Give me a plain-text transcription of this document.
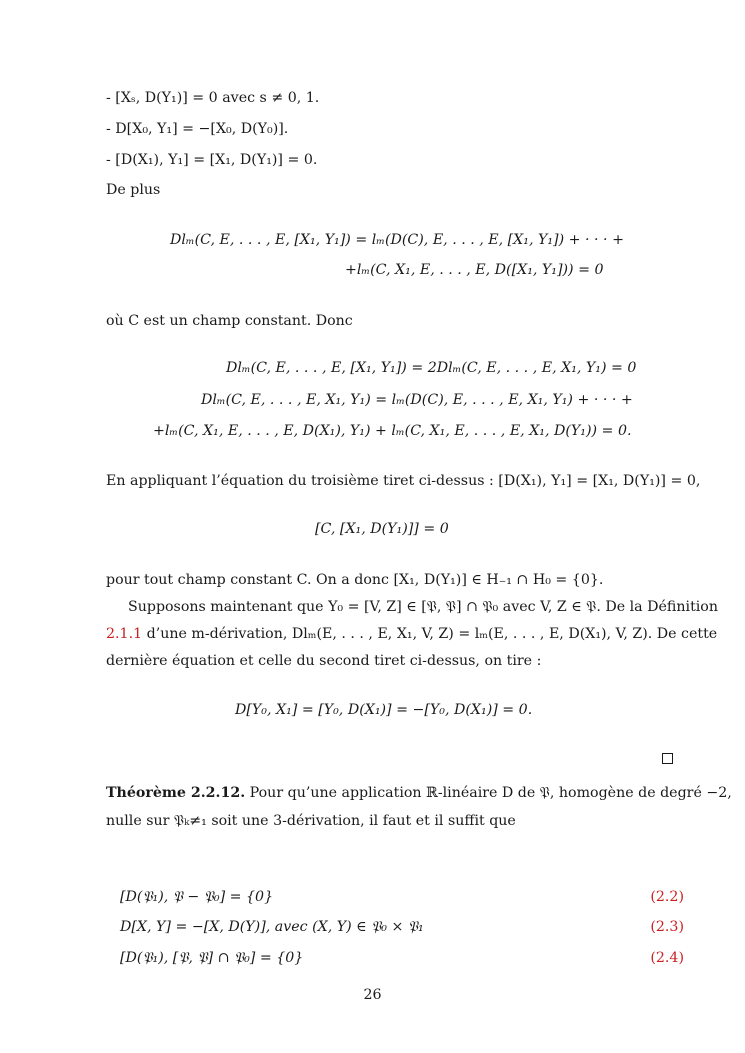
- [Xₛ, D(Y₁)] = 0 avec s ≠ 0, 1.
- D[X₀, Y₁] = −[X₀, D(Y₀)].
- [D(X₁), Y₁] = [X₁, D(Y₁)] = 0.
De plus
Dlₘ(C, E, . . . , E, [X₁, Y₁]) = lₘ(D(C), E, . . . , E, [X₁, Y₁]) + · · · +
+lₘ(C, X₁, E, . . . , E, D([X₁, Y₁])) = 0
où C est un champ constant. Donc
Dlₘ(C, E, . . . , E, [X₁, Y₁]) = 2Dlₘ(C, E, . . . , E, X₁, Y₁) = 0
Dlₘ(C, E, . . . , E, X₁, Y₁) = lₘ(D(C), E, . . . , E, X₁, Y₁) + · · · +
+lₘ(C, X₁, E, . . . , E, D(X₁), Y₁) + lₘ(C, X₁, E, . . . , E, X₁, D(Y₁)) = 0.
En appliquant l’équation du troisième tiret ci-dessus : [D(X₁), Y₁] = [X₁, D(Y₁)] = 0,
[C, [X₁, D(Y₁)]] = 0
pour tout champ constant C. On a donc [X₁, D(Y₁)] ∈ H₋₁ ∩ H₀ = {0}.
Supposons maintenant que Y₀ = [V, Z] ∈ [𝔓, 𝔓] ∩ 𝔓₀ avec V, Z ∈ 𝔓. De la Définition
2.1.1 d’une m-dérivation, Dlₘ(E, . . . , E, X₁, V, Z) = lₘ(E, . . . , E, D(X₁), V, Z). De cette
dernière équation et celle du second tiret ci-dessus, on tire :
D[Y₀, X₁] = [Y₀, D(X₁)] = −[Y₀, D(X₁)] = 0.
Théorème 2.2.12. Pour qu’une application ℝ-linéaire D de 𝔓, homogène de degré −2,
nulle sur 𝔓ₖ≠₁ soit une 3-dérivation, il faut et il suffit que
[D(𝔓₁), 𝔓 − 𝔓₀] = {0}	(2.2)
D[X, Y] = −[X, D(Y)], avec (X, Y) ∈ 𝔓₀ × 𝔓₁	(2.3)
[D(𝔓₁), [𝔓, 𝔓] ∩ 𝔓₀] = {0}	(2.4)
26
